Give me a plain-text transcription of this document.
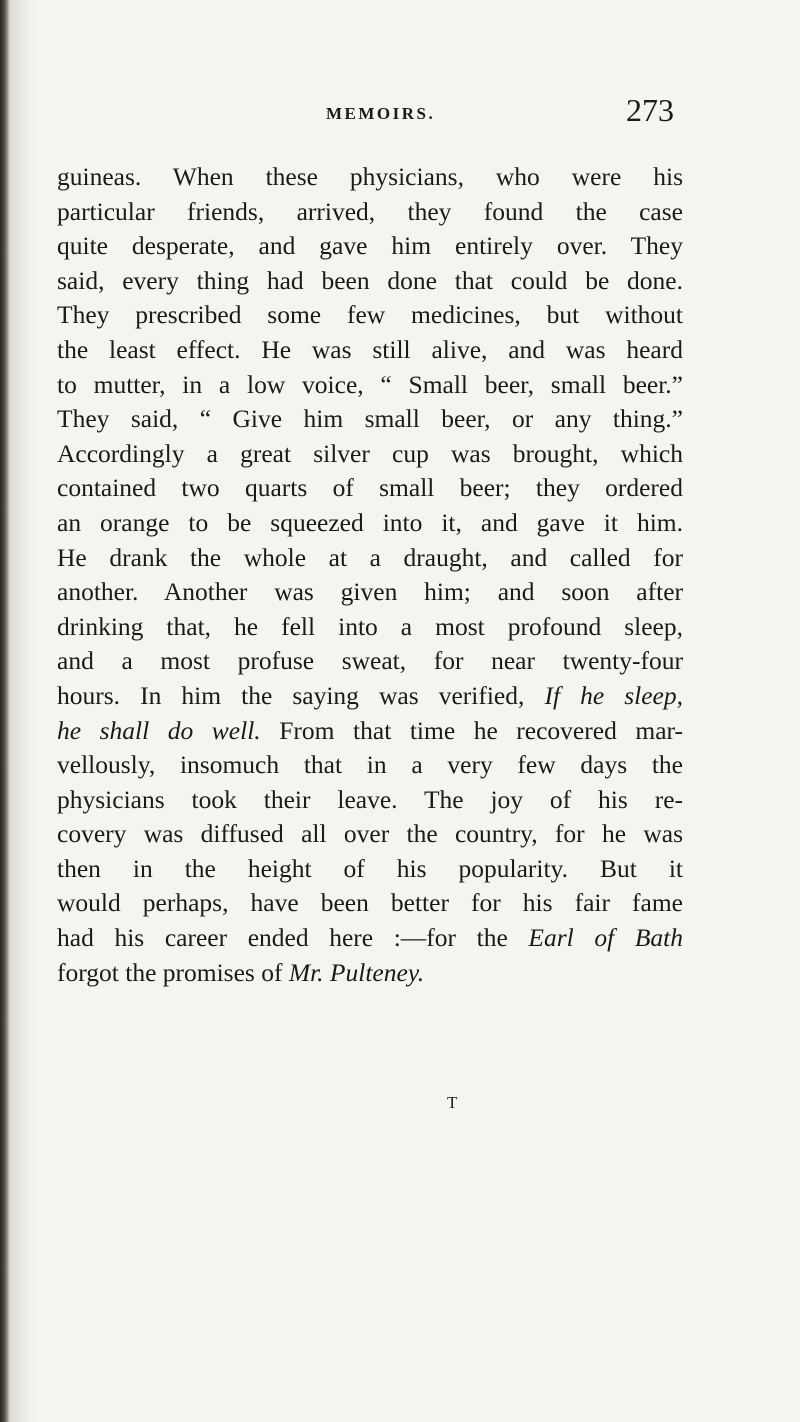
MEMOIRS.	273
guineas. When these physicians, who were his
particular friends, arrived, they found the case
quite desperate, and gave him entirely over. They
said, every thing had been done that could be done.
They prescribed some few medicines, but without
the least effect. He was still alive, and was heard
to mutter, in a low voice, “ Small beer, small beer.”
They said, “ Give him small beer, or any thing.”
Accordingly a great silver cup was brought, which
contained two quarts of small beer; they ordered
an orange to be squeezed into it, and gave it him.
He drank the whole at a draught, and called for
another. Another was given him; and soon after
drinking that, he fell into a most profound sleep,
and a most profuse sweat, for near twenty-four
hours. In him the saying was verified, If he sleep,
he shall do well. From that time he recovered mar-
vellously, insomuch that in a very few days the
physicians took their leave. The joy of his re-
covery was diffused all over the country, for he was
then in the height of his popularity. But it
would perhaps, have been better for his fair fame
had his career ended here :—for the Earl of Bath
forgot the promises of Mr. Pulteney.
T
